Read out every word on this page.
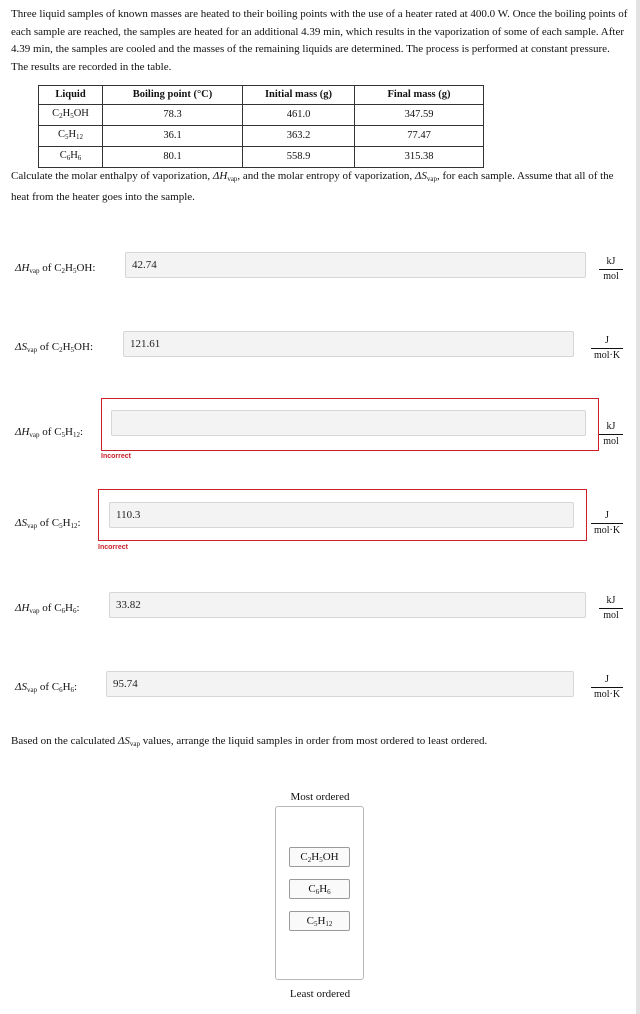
Three liquid samples of known masses are heated to their boiling points with the use of a heater rated at 400.0 W. Once the boiling points of each sample are reached, the samples are heated for an additional 4.39 min, which results in the vaporization of some of each sample. After 4.39 min, the samples are cooled and the masses of the remaining liquids are determined. The process is performed at constant pressure. The results are recorded in the table.

Liquid	Boiling point (°C)	Initial mass (g)	Final mass (g)
$C_2H_5OH$	78.3	461.0	347.59
$C_5H_{12}$	36.1	363.2	77.47
$C_6H_6$	80.1	558.9	315.38

Calculate the molar enthalpy of vaporization, $\Delta H_{vap}$, and the molar entropy of vaporization, $\Delta S_{vap}$, for each sample. Assume that all of the heat from the heater goes into the sample.

$\Delta H_{vap}$ of $C_2H_5OH$:	42.74	kJ
mol
$\Delta S_{vap}$ of $C_2H_5OH$:	121.61	J
mol·K
$\Delta H_{vap}$ of $C_5H_{12}$:
Incorrect
kJ
mol
$\Delta S_{vap}$ of $C_5H_{12}$:
110.3
Incorrect
J
mol·K
$\Delta H_{vap}$ of $C_6H_6$:	33.82	kJ
mol
$\Delta S_{vap}$ of $C_6H_6$:	95.74	J
mol·K
Based on the calculated $\Delta S_{vap}$ values, arrange the liquid samples in order from most ordered to least ordered.
Most ordered
$C_2H_5OH$
$C_6H_6$
$C_5H_{12}$
Least ordered
